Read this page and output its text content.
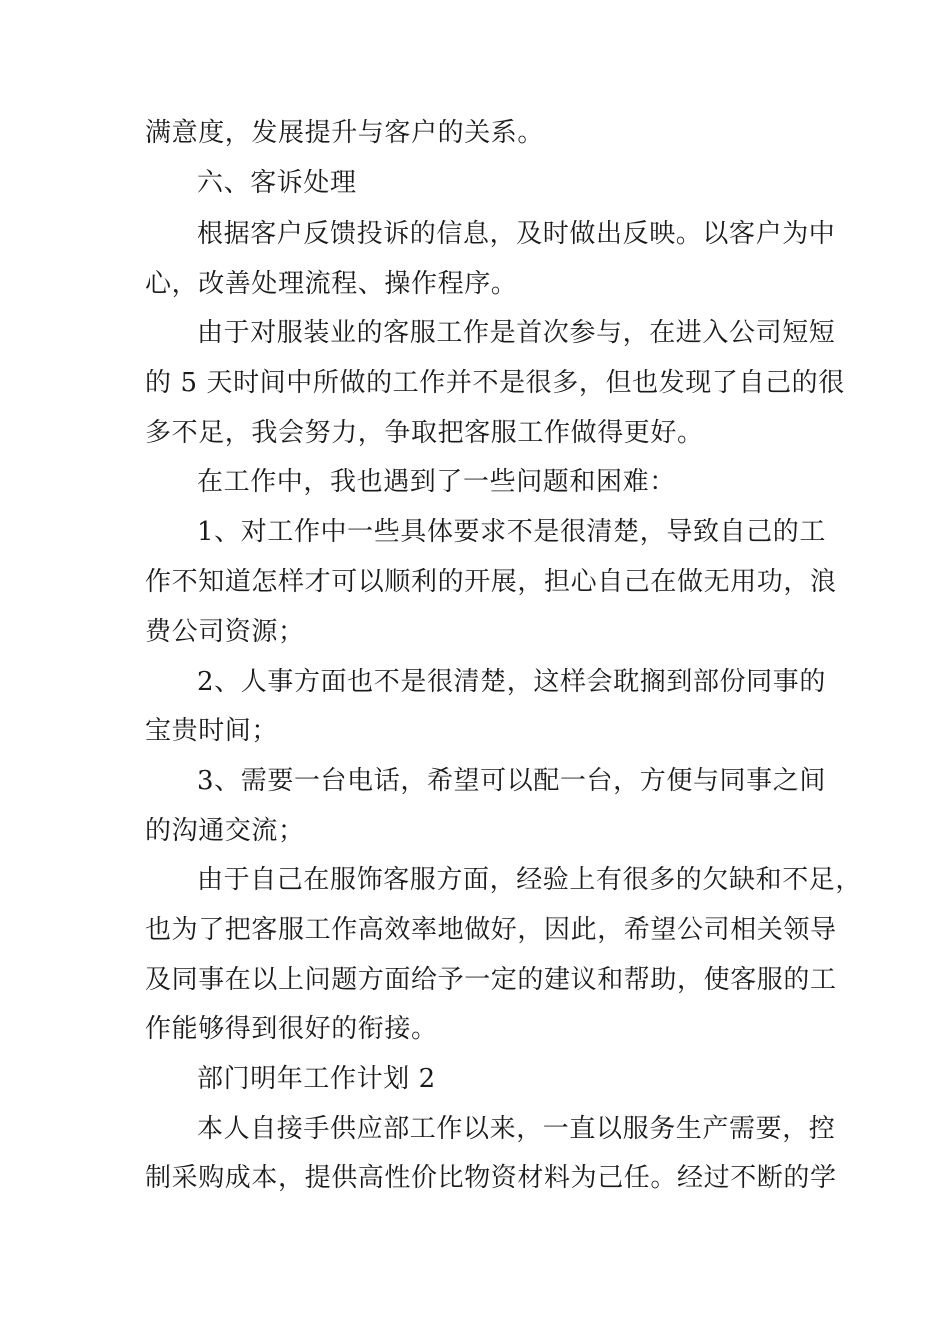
满意度，发展提升与客户的关系。
六、客诉处理
根据客户反馈投诉的信息，及时做出反映。以客户为中
心，改善处理流程、操作程序。
由于对服装业的客服工作是首次参与，在进入公司短短
的 5 天时间中所做的工作并不是很多，但也发现了自己的很
多不足，我会努力，争取把客服工作做得更好。
在工作中，我也遇到了一些问题和困难：
1、对工作中一些具体要求不是很清楚，导致自己的工
作不知道怎样才可以顺利的开展，担心自己在做无用功，浪
费公司资源；
2、人事方面也不是很清楚，这样会耽搁到部份同事的
宝贵时间；
3、需要一台电话，希望可以配一台，方便与同事之间
的沟通交流；
由于自己在服饰客服方面，经验上有很多的欠缺和不足，
也为了把客服工作高效率地做好，因此，希望公司相关领导
及同事在以上问题方面给予一定的建议和帮助，使客服的工
作能够得到很好的衔接。
部门明年工作计划 2
本人自接手供应部工作以来，一直以服务生产需要，控
制采购成本，提供高性价比物资材料为己任。经过不断的学
